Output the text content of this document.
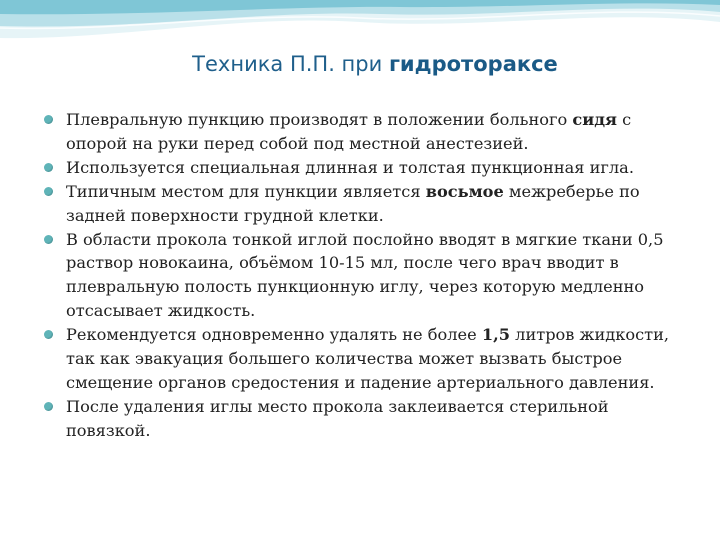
Техника П.П. при гидротораксе
Плевральную пункцию производят в положении больного сидя с опорой на руки перед собой под местной анестезией.
Используется специальная длинная и толстая пункционная игла.
Типичным местом для пункции является восьмое межреберье по задней поверхности грудной клетки.
В области прокола тонкой иглой послойно вводят в мягкие ткани 0,5 раствор новокаина, объёмом 10-15 мл, после чего врач вводит в плевральную полость пункционную иглу, через которую медленно отсасывает жидкость.
Рекомендуется одновременно удалять не более 1,5 литров жидкости, так как эвакуация большего количества может вызвать быстрое смещение органов средостения и падение артериального давления.
После удаления иглы место прокола заклеивается стерильной повязкой.
